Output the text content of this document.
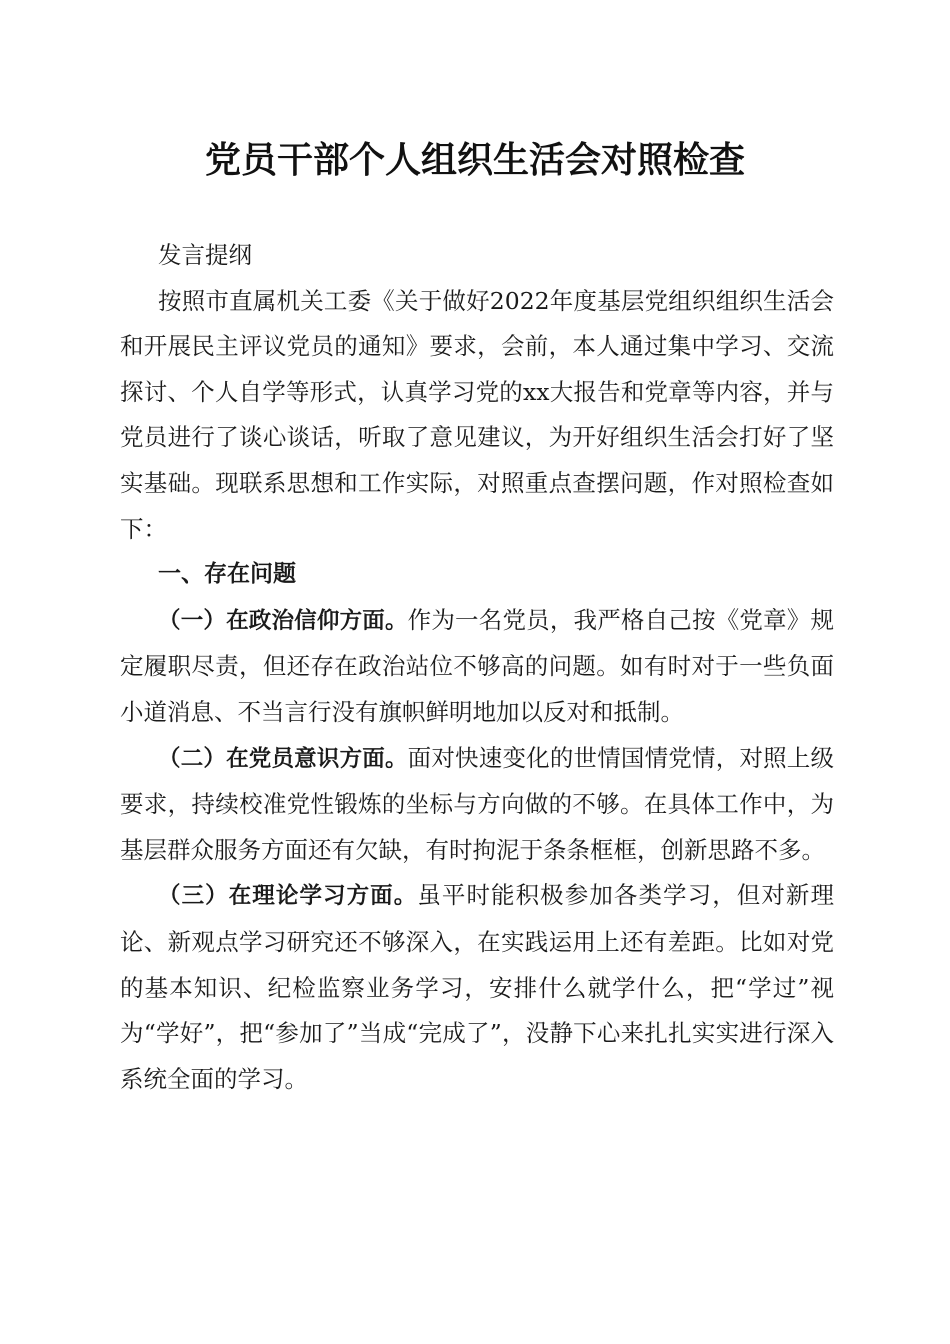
党员干部个人组织生活会对照检查

发言提纲

按照市直属机关工委《关于做好2022年度基层党组织组织生活会和开展民主评议党员的通知》要求，会前，本人通过集中学习、交流探讨、个人自学等形式，认真学习党的xx大报告和党章等内容，并与党员进行了谈心谈话，听取了意见建议，为开好组织生活会打好了坚实基础。现联系思想和工作实际，对照重点查摆问题，作对照检查如下：

一、存在问题

（一）在政治信仰方面。作为一名党员，我严格自己按《党章》规定履职尽责，但还存在政治站位不够高的问题。如有时对于一些负面小道消息、不当言行没有旗帜鲜明地加以反对和抵制。

（二）在党员意识方面。面对快速变化的世情国情党情，对照上级要求，持续校准党性锻炼的坐标与方向做的不够。在具体工作中，为基层群众服务方面还有欠缺，有时拘泥于条条框框，创新思路不多。

（三）在理论学习方面。虽平时能积极参加各类学习，但对新理论、新观点学习研究还不够深入，在实践运用上还有差距。比如对党的基本知识、纪检监察业务学习，安排什么就学什么，把“学过”视为“学好”，把“参加了”当成“完成了”，没静下心来扎扎实实进行深入系统全面的学习。
